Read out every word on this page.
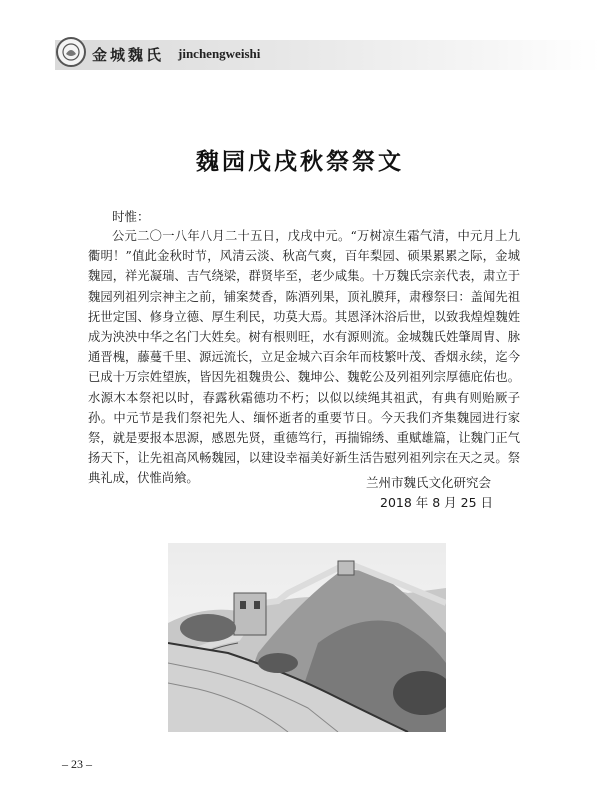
金城魏氏 jinchengweishi
魏园戊戌秋祭祭文
时惟：

公元二〇一八年八月二十五日，戊戌中元。“万树凉生霜气清，中元月上九衢明！”值此金秋时节，风清云淡、秋高气爽，百年梨园、硕果累累之际，金城魏园，祥光凝瑞、吉气绕梁，群贤毕至，老少咸集。十万魏氏宗亲代表，肃立于魏园列祖列宗神主之前，铺案焚香，陈酒列果，顶礼膜拜，肃穆祭曰：盖闻先祖抚世定国、修身立德、厚生利民，功莫大焉。其恩泽沐浴后世，以致我煌煌魏姓成为泱泱中华之名门大姓矣。树有根则旺，水有源则流。金城魏氏姓肇周胄、脉通晋槐，藤蔓千里、源远流长，立足金城六百余年而枝繁叶茂、香烟永续，迄今已成十万宗姓望族，皆因先祖魏贵公、魏坤公、魏乾公及列祖列宗厚德庇佑也。水源木本祭祀以时，春露秋霜德功不朽；以似以续绳其祖武，有典有则贻厥子孙。中元节是我们祭祀先人、缅怀逝者的重要节日。今天我们齐集魏园进行家祭，就是要报本思源，感恩先贤，重德笃行，再揣锦绣、重赋雄篇，让魏门正气扬天下，让先祖高风畅魏园，以建设幸福美好新生活告慰列祖列宗在天之灵。祭典礼成，伏惟尚飨。	兰州市魏氏文化研究会
2018 年 8 月 25 日
– 23 –
